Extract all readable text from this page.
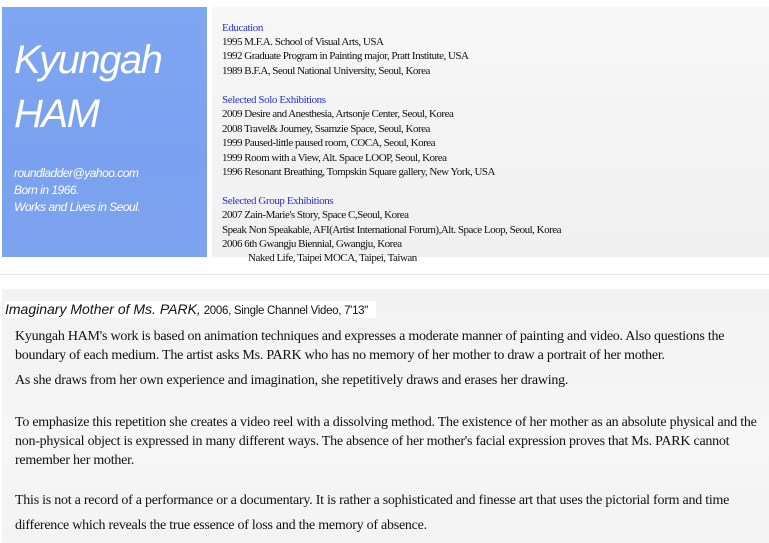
Kyungah
HAM
roundladder@yahoo.com
Born in 1966.
Works and Lives in Seoul.
Education
1995 M.F.A. School of Visual Arts, USA
1992 Graduate Program in Painting major, Pratt Institute, USA
1989 B.F.A, Seoul National University, Seoul, Korea
Selected Solo Exhibitions
2009 Desire and Anesthesia, Artsonje Center, Seoul, Korea
2008 Travel& Journey, Ssamzie Space, Seoul, Korea
1999 Paused-little paused room, COCA, Seoul, Korea
1999 Room with a View, Alt. Space LOOP, Seoul, Korea
1996 Resonant Breathing, Tompskin Square gallery, New York, USA
Selected Group Exhibitions
2007 Zain-Marie's Story, Space C,Seoul, Korea
Speak Non Speakable, AFI(Artist International Forum),Alt. Space Loop, Seoul, Korea
2006 6th Gwangju Biennial, Gwangju, Korea
Naked Life, Taipei MOCA, Taipei, Taiwan
Imaginary Mother of Ms. PARK, 2006, Single Channel Video, 7'13"

Kyungah HAM's work is based on animation techniques and expresses a moderate manner of painting and video. Also questions the boundary of each medium. The artist asks Ms. PARK who has no memory of her mother to draw a portrait of her mother.

As she draws from her own experience and imagination, she repetitively draws and erases her drawing.

To emphasize this repetition she creates a video reel with a dissolving method. The existence of her mother as an absolute physical and the non-physical object is expressed in many different ways. The absence of her mother's facial expression proves that Ms. PARK cannot remember her mother.

This is not a record of a performance or a documentary. It is rather a sophisticated and finesse art that uses the pictorial form and time difference which reveals the true essence of loss and the memory of absence.
